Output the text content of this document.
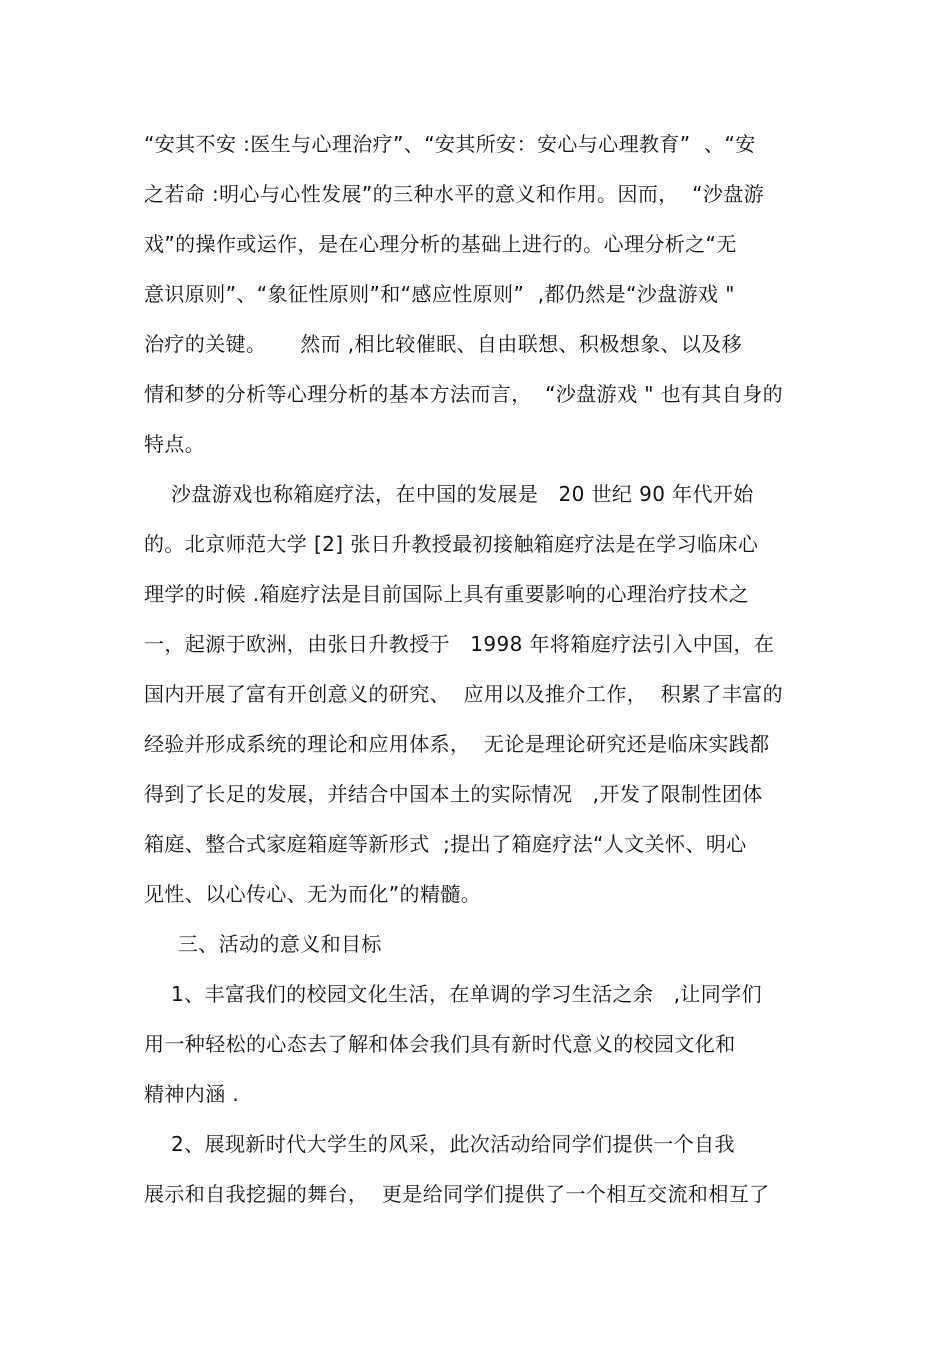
“安其不安 :医生与心理治疗”、“安其所安：安心与心理教育”  、“安
之若命 :明心与心性发展”的三种水平的意义和作用。因而，  “沙盘游
戏”的操作或运作，是在心理分析的基础上进行的。心理分析之“无
意识原则”、“象征性原则”和“感应性原则”  ,都仍然是“沙盘游戏 "
治疗的关键。     然而 ,相比较催眠、自由联想、积极想象、以及移
情和梦的分析等心理分析的基本方法而言，  “沙盘游戏 " 也有其自身的
特点。
沙盘游戏也称箱庭疗法，在中国的发展是   20 世纪 90 年代开始
的。北京师范大学 [2] 张日升教授最初接触箱庭疗法是在学习临床心
理学的时候 .箱庭疗法是目前国际上具有重要影响的心理治疗技术之
一，起源于欧洲，由张日升教授于   1998 年将箱庭疗法引入中国，在
国内开展了富有开创意义的研究、  应用以及推介工作，  积累了丰富的
经验并形成系统的理论和应用体系，  无论是理论研究还是临床实践都
得到了长足的发展，并结合中国本土的实际情况   ,开发了限制性团体
箱庭、整合式家庭箱庭等新形式  ;提出了箱庭疗法“人文关怀、明心
见性、以心传心、无为而化”的精髓。
三、活动的意义和目标
1、丰富我们的校园文化生活，在单调的学习生活之余   ,让同学们
用一种轻松的心态去了解和体会我们具有新时代意义的校园文化和
精神内涵 .
2、展现新时代大学生的风采，此次活动给同学们提供一个自我
展示和自我挖掘的舞台，  更是给同学们提供了一个相互交流和相互了
